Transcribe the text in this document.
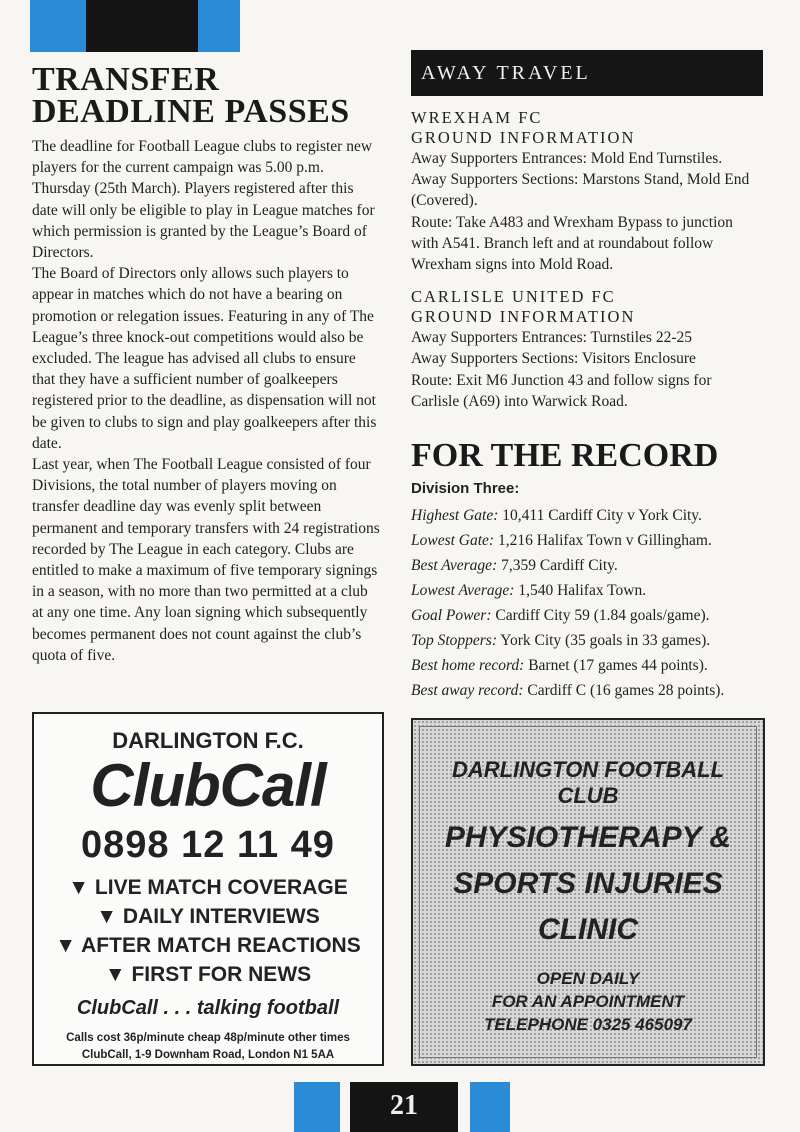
TRANSFER
DEADLINE PASSES

The deadline for Football League clubs to register new players for the current campaign was 5.00 p.m. Thursday (25th March). Players registered after this date will only be eligible to play in League matches for which permission is granted by the League’s Board of Directors.

The Board of Directors only allows such players to appear in matches which do not have a bearing on promotion or relegation issues. Featuring in any of The League’s three knock-out competitions would also be excluded. The league has advised all clubs to ensure that they have a sufficient number of goalkeepers registered prior to the deadline, as dispensation will not be given to clubs to sign and play goalkeepers after this date.

Last year, when The Football League consisted of four Divisions, the total number of players moving on transfer deadline day was evenly split between permanent and temporary transfers with 24 registrations recorded by The League in each category. Clubs are entitled to make a maximum of five temporary signings in a season, with no more than two permitted at a club at any one time. Any loan signing which subsequently becomes permanent does not count against the club’s quota of five.

AWAY TRAVEL
WREXHAM FC
GROUND INFORMATION

Away Supporters Entrances: Mold End Turnstiles.

Away Supporters Sections: Marstons Stand, Mold End (Covered).

Route: Take A483 and Wrexham Bypass to junction with A541. Branch left and at roundabout follow Wrexham signs into Mold Road.

CARLISLE UNITED FC
GROUND INFORMATION

Away Supporters Entrances: Turnstiles 22-25

Away Supporters Sections: Visitors Enclosure

Route: Exit M6 Junction 43 and follow signs for Carlisle (A69) into Warwick Road.

FOR THE RECORD

Division Three:

Highest Gate: 10,411 Cardiff City v York City.

Lowest Gate: 1,216 Halifax Town v Gillingham.

Best Average: 7,359 Cardiff City.

Lowest Average: 1,540 Halifax Town.

Goal Power: Cardiff City 59 (1.84 goals/game).

Top Stoppers: York City (35 goals in 33 games).

Best home record: Barnet (17 games 44 points).

Best away record: Cardiff C (16 games 28 points).

DARLINGTON F.C.
ClubCall
0898 12 11 49
▼ LIVE MATCH COVERAGE
▼ DAILY INTERVIEWS
▼ AFTER MATCH REACTIONS
▼ FIRST FOR NEWS
ClubCall . . . talking football
Calls cost 36p/minute cheap 48p/minute other times
ClubCall, 1-9 Downham Road, London N1 5AA
DARLINGTON FOOTBALL
CLUB
PHYSIOTHERAPY &
SPORTS INJURIES
CLINIC
OPEN DAILY
FOR AN APPOINTMENT
TELEPHONE 0325 465097
21
